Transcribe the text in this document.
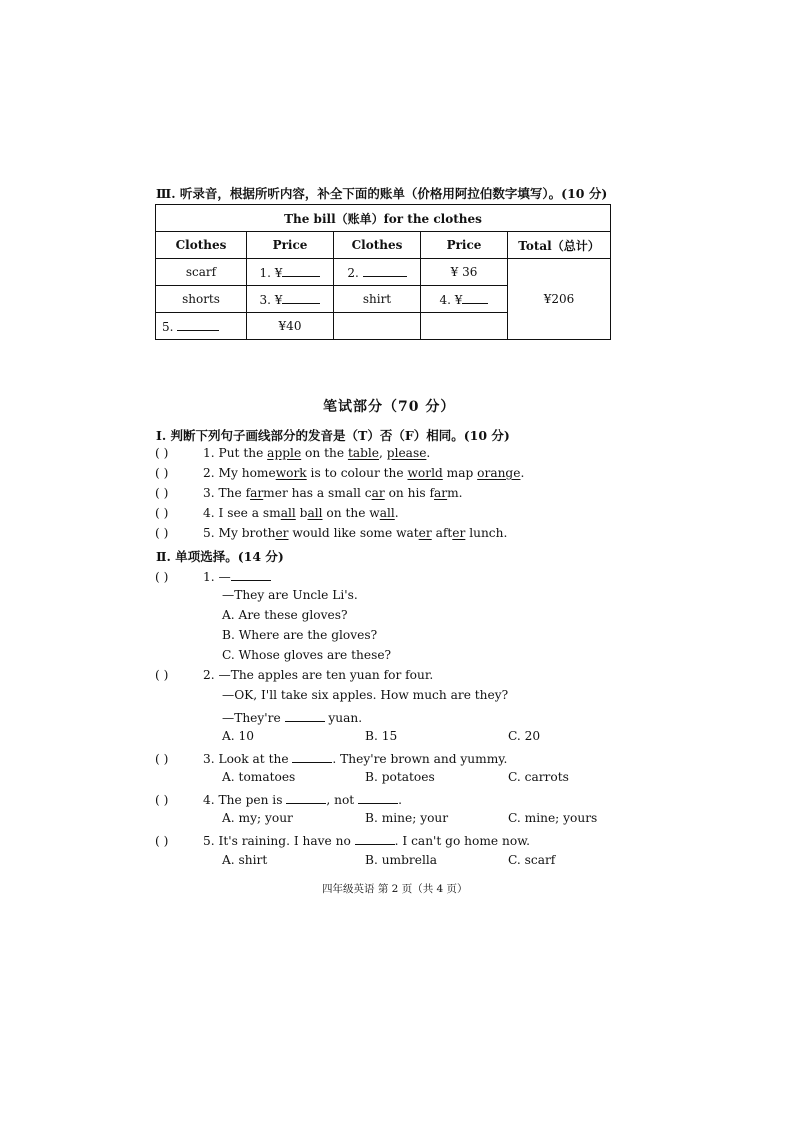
Ⅲ. 听录音，根据所听内容，补全下面的账单（价格用阿拉伯数字填写）。(10 分)
The bill（账单）for the clothes				
Clothes	Price	Clothes	Price	Total（总计）
scarf	1. ¥	2.	¥ 36	¥206
shorts	3. ¥	shirt	4. ¥	
5.	¥40			
笔试部分（70 分）
Ⅰ. 判断下列句子画线部分的发音是（T）否（F）相同。(10 分)
( )	1. Put the apple on the table, please.
( )	2. My homework is to colour the world map orange.
( )	3. The farmer has a small car on his farm.
( )	4. I see a small ball on the wall.
( )	5. My brother would like some water after lunch.
Ⅱ. 单项选择。(14 分)
( )	1. —
—They are Uncle Li's.
A. Are these gloves?
B. Where are the gloves?
C. Whose gloves are these?
( )	2. —The apples are ten yuan for four.
—OK, I'll take six apples. How much are they?
—They're	yuan.
A. 10	B. 15	C. 20
( )	3. Look at the	. They're brown and yummy.
A. tomatoes	B. potatoes	C. carrots
( )	4. The pen is	, not	.
A. my; your	B. mine; your	C. mine; yours
( )	5. It's raining. I have no	. I can't go home now.
A. shirt	B. umbrella	C. scarf
四年级英语 第 2 页（共 4 页）
